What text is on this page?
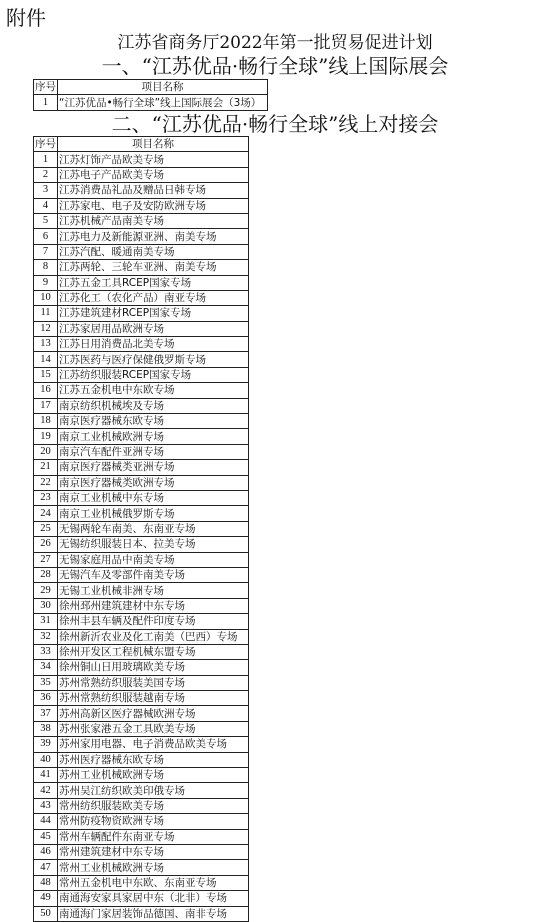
附件
江苏省商务厅2022年第一批贸易促进计划
一、“江苏优品·畅行全球”线上国际展会
序号	项目名称
1	“江苏优品•畅行全球”线上国际展会（3场）
二、“江苏优品·畅行全球”线上对接会
序号	项目名称
1	江苏灯饰产品欧美专场
2	江苏电子产品欧美专场
3	江苏消费品礼品及赠品日韩专场
4	江苏家电、电子及安防欧洲专场
5	江苏机械产品南美专场
6	江苏电力及新能源亚洲、南美专场
7	江苏汽配、暖通南美专场
8	江苏两轮、三轮车亚洲、南美专场
9	江苏五金工具RCEP国家专场
10	江苏化工（农化产品）南亚专场
11	江苏建筑建材RCEP国家专场
12	江苏家居用品欧洲专场
13	江苏日用消费品北美专场
14	江苏医药与医疗保健俄罗斯专场
15	江苏纺织服装RCEP国家专场
16	江苏五金机电中东欧专场
17	南京纺织机械埃及专场
18	南京医疗器械东欧专场
19	南京工业机械欧洲专场
20	南京汽车配件亚洲专场
21	南京医疗器械类亚洲专场
22	南京医疗器械类欧洲专场
23	南京工业机械中东专场
24	南京工业机械俄罗斯专场
25	无锡两轮车南美、东南亚专场
26	无锡纺织服装日本、拉美专场
27	无锡家庭用品中南美专场
28	无锡汽车及零部件南美专场
29	无锡工业机械非洲专场
30	徐州邳州建筑建材中东专场
31	徐州丰县车辆及配件印度专场
32	徐州新沂农业及化工南美（巴西）专场
33	徐州开发区工程机械东盟专场
34	徐州铜山日用玻璃欧美专场
35	苏州常熟纺织服装美国专场
36	苏州常熟纺织服装越南专场
37	苏州高新区医疗器械欧洲专场
38	苏州张家港五金工具欧美专场
39	苏州家用电器、电子消费品欧美专场
40	苏州医疗器械东欧专场
41	苏州工业机械欧洲专场
42	苏州吴江纺织欧美印俄专场
43	常州纺织服装欧美专场
44	常州防疫物资欧洲专场
45	常州车辆配件东南亚专场
46	常州建筑建材中东专场
47	常州工业机械欧洲专场
48	常州五金机电中东欧、东南亚专场
49	南通海安家具家居中东（北非）专场
50	南通海门家居装饰品德国、南非专场
